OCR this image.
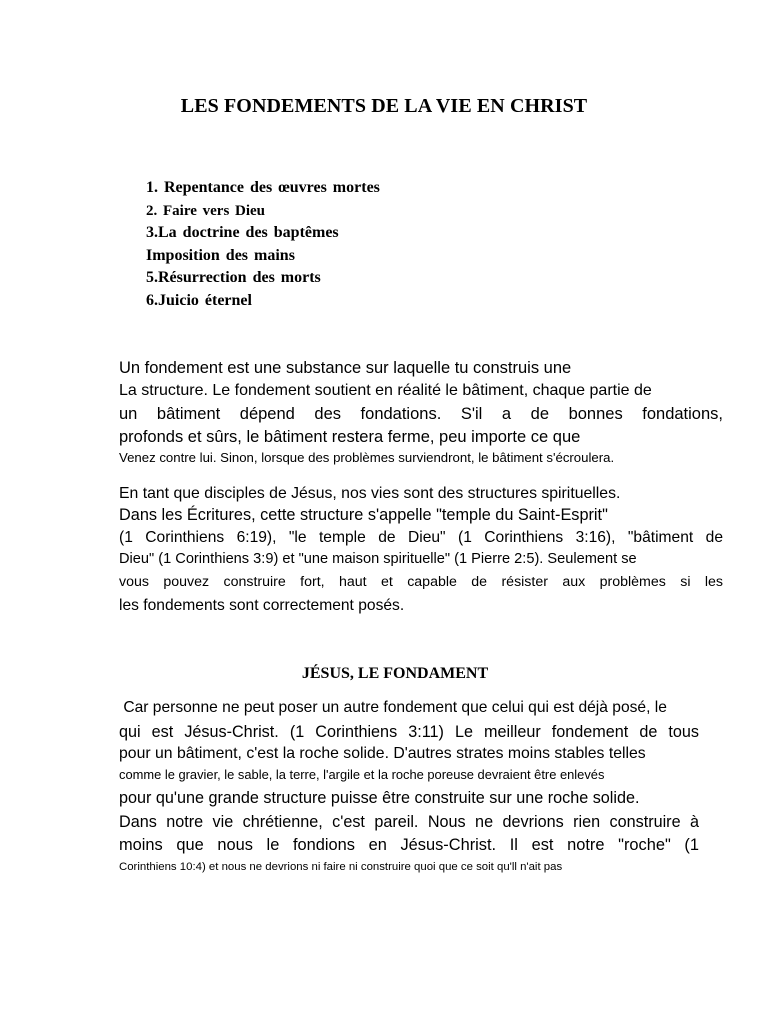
LES FONDEMENTS DE LA VIE EN CHRIST
1. Repentance des œuvres mortes
2. Faire vers Dieu
3.La doctrine des baptêmes
Imposition des mains
5.Résurrection des morts
6.Juicio éternel
Un fondement est une substance sur laquelle tu construis une
La structure. Le fondement soutient en réalité le bâtiment, chaque partie de
un bâtiment dépend des fondations. S'il a de bonnes fondations,
profonds et sûrs, le bâtiment restera ferme, peu importe ce que
Venez contre lui. Sinon, lorsque des problèmes surviendront, le bâtiment s'écroulera.
En tant que disciples de Jésus, nos vies sont des structures spirituelles.
Dans les Écritures, cette structure s'appelle "temple du Saint-Esprit"
(1 Corinthiens 6:19), "le temple de Dieu" (1 Corinthiens 3:16), "bâtiment de
Dieu" (1 Corinthiens 3:9) et "une maison spirituelle" (1 Pierre 2:5). Seulement se
vous pouvez construire fort, haut et capable de résister aux problèmes si les
les fondements sont correctement posés.
JÉSUS, LE FONDAMENT
Car personne ne peut poser un autre fondement que celui qui est déjà posé, le
qui est Jésus-Christ. (1 Corinthiens 3:11) Le meilleur fondement de tous
pour un bâtiment, c'est la roche solide. D'autres strates moins stables telles
comme le gravier, le sable, la terre, l'argile et la roche poreuse devraient être enlevés
pour qu'une grande structure puisse être construite sur une roche solide.
Dans notre vie chrétienne, c'est pareil. Nous ne devrions rien construire à
moins que nous le fondions en Jésus-Christ. Il est notre "roche" (1
Corinthiens 10:4) et nous ne devrions ni faire ni construire quoi que ce soit qu'll n'ait pas
